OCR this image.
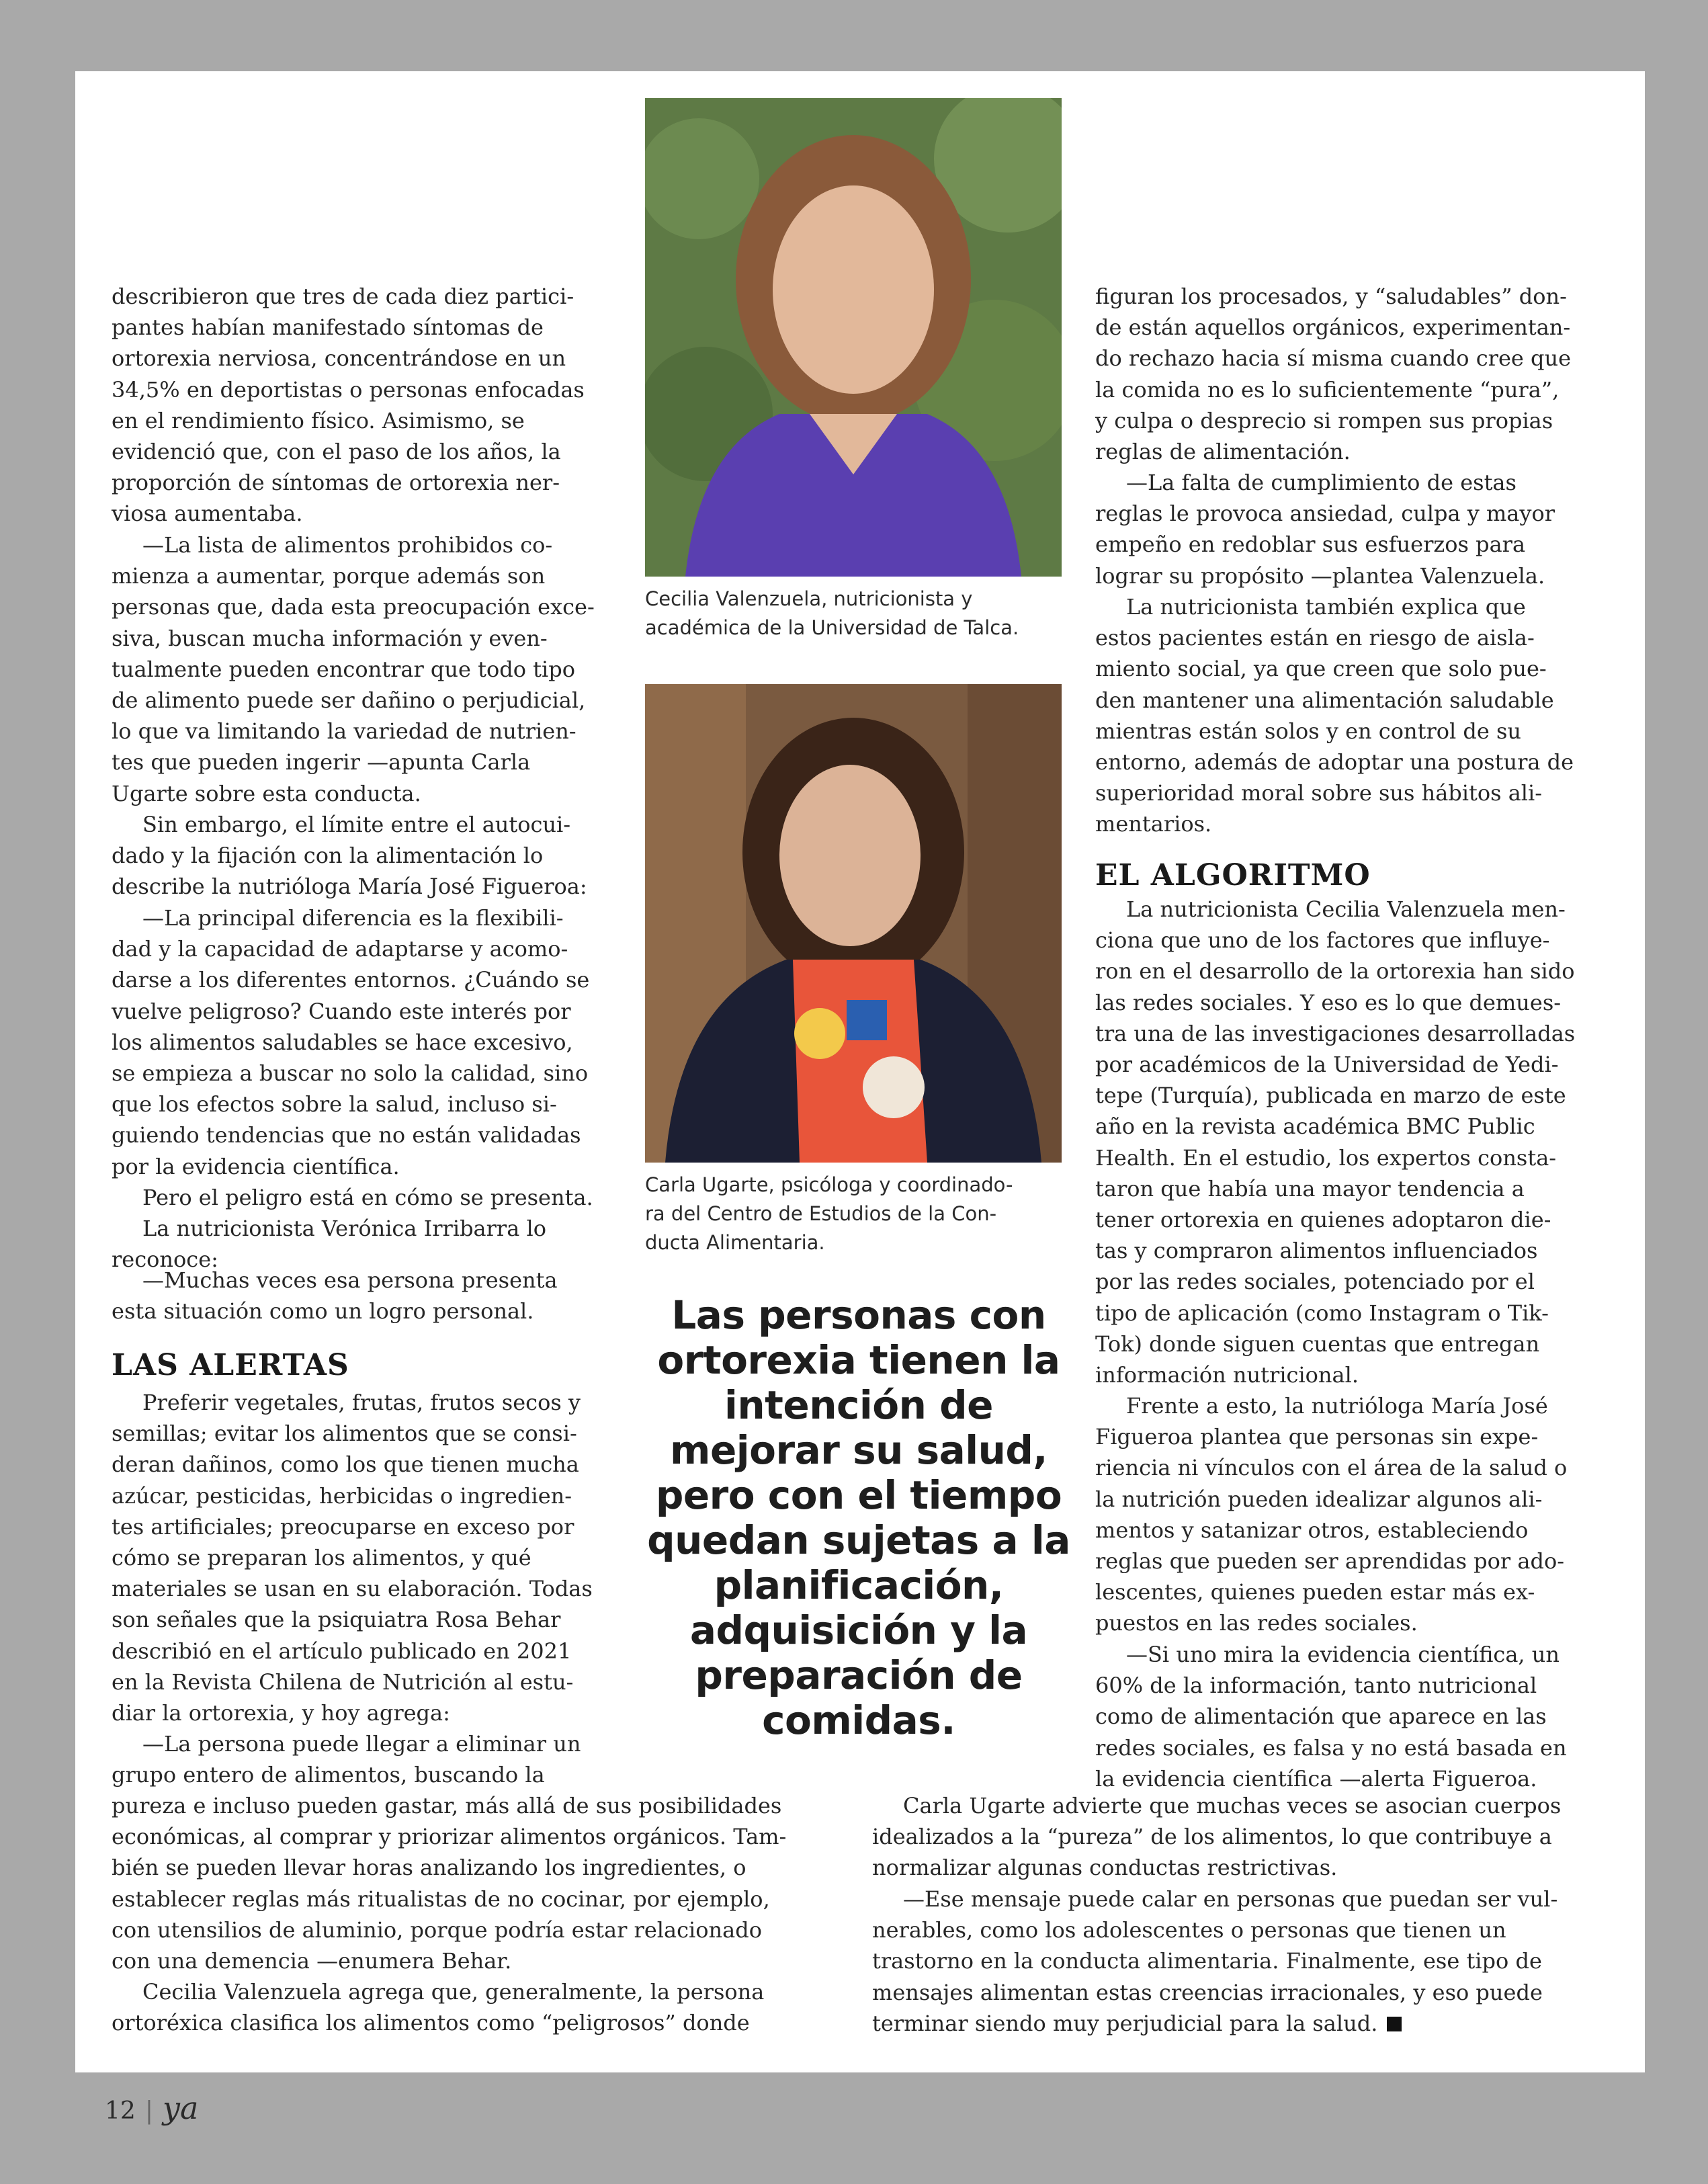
describieron que tres de cada diez partici-
pantes habían manifestado síntomas de
ortorexia nerviosa, concentrándose en un
34,5% en deportistas o personas enfocadas
en el rendimiento físico. Asimismo, se
evidenció que, con el paso de los años, la
proporción de síntomas de ortorexia ner-
viosa aumentaba.
—La lista de alimentos prohibidos co-
mienza a aumentar, porque además son
personas que, dada esta preocupación exce-
siva, buscan mucha información y even-
tualmente pueden encontrar que todo tipo
de alimento puede ser dañino o perjudicial,
lo que va limitando la variedad de nutrien-
tes que pueden ingerir —apunta Carla
Ugarte sobre esta conducta.
Sin embargo, el límite entre el autocui-
dado y la fijación con la alimentación lo
describe la nutrióloga María José Figueroa:
—La principal diferencia es la flexibili-
dad y la capacidad de adaptarse y acomo-
darse a los diferentes entornos. ¿Cuándo se
vuelve peligroso? Cuando este interés por
los alimentos saludables se hace excesivo,
se empieza a buscar no solo la calidad, sino
que los efectos sobre la salud, incluso si-
guiendo tendencias que no están validadas
por la evidencia científica.
Pero el peligro está en cómo se presenta.
La nutricionista Verónica Irribarra lo
reconoce:
—Muchas veces esa persona presenta
esta situación como un logro personal.
LAS ALERTAS
Preferir vegetales, frutas, frutos secos y
semillas; evitar los alimentos que se consi-
deran dañinos, como los que tienen mucha
azúcar, pesticidas, herbicidas o ingredien-
tes artificiales; preocuparse en exceso por
cómo se preparan los alimentos, y qué
materiales se usan en su elaboración. Todas
son señales que la psiquiatra Rosa Behar
describió en el artículo publicado en 2021
en la Revista Chilena de Nutrición al estu-
diar la ortorexia, y hoy agrega:
—La persona puede llegar a eliminar un
grupo entero de alimentos, buscando la
pureza e incluso pueden gastar, más allá de sus posibilidades
económicas, al comprar y priorizar alimentos orgánicos. Tam-
bién se pueden llevar horas analizando los ingredientes, o
establecer reglas más ritualistas de no cocinar, por ejemplo,
con utensilios de aluminio, porque podría estar relacionado
con una demencia —enumera Behar.
Cecilia Valenzuela agrega que, generalmente, la persona
ortoréxica clasifica los alimentos como “peligrosos” donde
Cecilia Valenzuela, nutricionista y
académica de la Universidad de Talca.
Carla Ugarte, psicóloga y coordinado-
ra del Centro de Estudios de la Con-
ducta Alimentaria.
Las personas con
ortorexia tienen la
intención de
mejorar su salud,
pero con el tiempo
quedan sujetas a la
planificación,
adquisición y la
preparación de
comidas.
figuran los procesados, y “saludables” don-
de están aquellos orgánicos, experimentan-
do rechazo hacia sí misma cuando cree que
la comida no es lo suficientemente “pura”,
y culpa o desprecio si rompen sus propias
reglas de alimentación.
—La falta de cumplimiento de estas
reglas le provoca ansiedad, culpa y mayor
empeño en redoblar sus esfuerzos para
lograr su propósito —plantea Valenzuela.
La nutricionista también explica que
estos pacientes están en riesgo de aisla-
miento social, ya que creen que solo pue-
den mantener una alimentación saludable
mientras están solos y en control de su
entorno, además de adoptar una postura de
superioridad moral sobre sus hábitos ali-
mentarios.
EL ALGORITMO
La nutricionista Cecilia Valenzuela men-
ciona que uno de los factores que influye-
ron en el desarrollo de la ortorexia han sido
las redes sociales. Y eso es lo que demues-
tra una de las investigaciones desarrolladas
por académicos de la Universidad de Yedi-
tepe (Turquía), publicada en marzo de este
año en la revista académica BMC Public
Health. En el estudio, los expertos consta-
taron que había una mayor tendencia a
tener ortorexia en quienes adoptaron die-
tas y compraron alimentos influenciados
por las redes sociales, potenciado por el
tipo de aplicación (como Instagram o Tik-
Tok) donde siguen cuentas que entregan
información nutricional.
Frente a esto, la nutrióloga María José
Figueroa plantea que personas sin expe-
riencia ni vínculos con el área de la salud o
la nutrición pueden idealizar algunos ali-
mentos y satanizar otros, estableciendo
reglas que pueden ser aprendidas por ado-
lescentes, quienes pueden estar más ex-
puestos en las redes sociales.
—Si uno mira la evidencia científica, un
60% de la información, tanto nutricional
como de alimentación que aparece en las
redes sociales, es falsa y no está basada en
la evidencia científica —alerta Figueroa.
Carla Ugarte advierte que muchas veces se asocian cuerpos
idealizados a la “pureza” de los alimentos, lo que contribuye a
normalizar algunas conductas restrictivas.
—Ese mensaje puede calar en personas que puedan ser vul-
nerables, como los adolescentes o personas que tienen un
trastorno en la conducta alimentaria. Finalmente, ese tipo de
mensajes alimentan estas creencias irracionales, y eso puede
terminar siendo muy perjudicial para la salud.
12 | ya
